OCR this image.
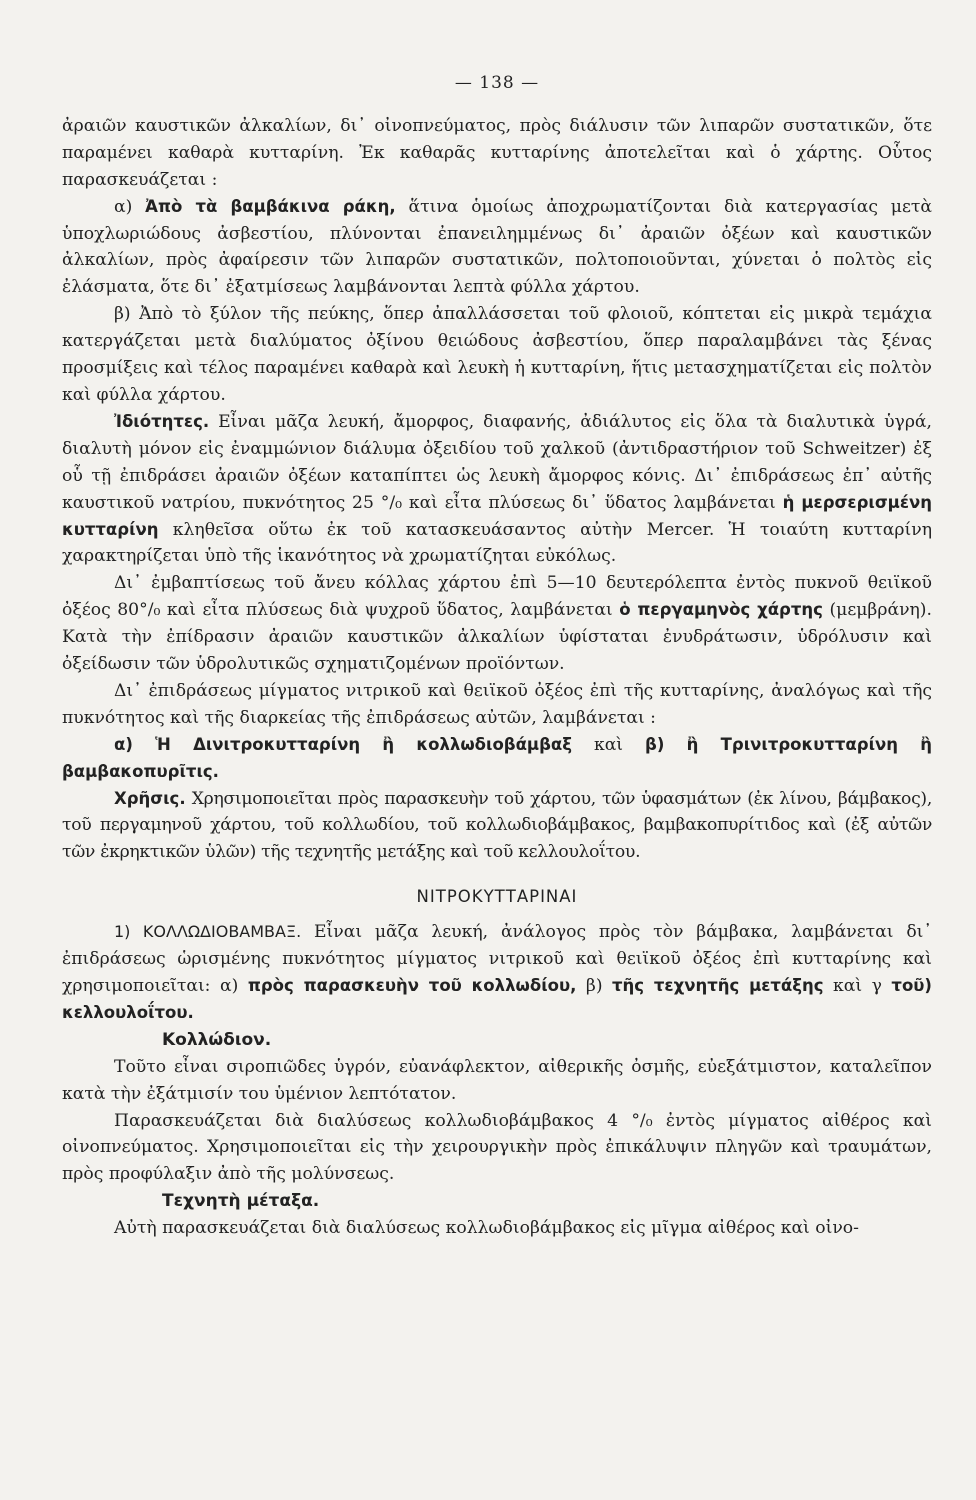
— 138 —

ἀραιῶν καυστικῶν ἀλκαλίων, δι᾽ οἰνοπνεύματος, πρὸς διάλυσιν τῶν λιπαρῶν συστατικῶν, ὅτε παραμένει καθαρὰ κυτταρίνη. Ἐκ καθαρᾶς κυτταρίνης ἀποτελεῖται καὶ ὁ χάρτης. Οὗτος παρασκευάζεται :

α) Ἀπὸ τὰ βαμβάκινα ράκη, ἅτινα ὁμοίως ἀποχρωματίζονται διὰ κατεργασίας μετὰ ὑποχλωριώδους ἀσβεστίου, πλύνονται ἐπανειλημμένως δι᾽ ἀραιῶν ὀξέων καὶ καυστικῶν ἀλκαλίων, πρὸς ἀφαίρεσιν τῶν λιπαρῶν συστατικῶν, πολτοποιοῦνται, χύνεται ὁ πολτὸς εἰς ἐλάσματα, ὅτε δι᾽ ἐξατμίσεως λαμβάνονται λεπτὰ φύλλα χάρτου.

β) Ἀπὸ τὸ ξύλον τῆς πεύκης, ὅπερ ἀπαλλάσσεται τοῦ φλοιοῦ, κόπτεται εἰς μικρὰ τεμάχια κατεργάζεται μετὰ διαλύματος ὀξίνου θειώδους ἀσβεστίου, ὅπερ παραλαμβάνει τὰς ξένας προσμίξεις καὶ τέλος παραμένει καθαρὰ καὶ λευκὴ ἡ κυτταρίνη, ἥτις μετασχηματίζεται εἰς πολτὸν καὶ φύλλα χάρτου.

Ἰδιότητες. Εἶναι μᾶζα λευκή, ἄμορφος, διαφανής, ἀδιάλυτος εἰς ὅλα τὰ διαλυτικὰ ὑγρά, διαλυτὴ μόνον εἰς ἐναμμώνιον διάλυμα ὀξειδίου τοῦ χαλκοῦ (ἀντιδραστήριον τοῦ Schweitzer) ἐξ οὗ τῇ ἐπιδράσει ἀραιῶν ὀξέων καταπίπτει ὡς λευκὴ ἄμορφος κόνις. Δι᾽ ἐπιδράσεως ἐπ᾽ αὐτῆς καυστικοῦ νατρίου, πυκνότητος 25 °/₀ καὶ εἶτα πλύσεως δι᾽ ὕδατος λαμβάνεται ἡ μερσερισμένη κυτταρίνη κληθεῖσα οὕτω ἐκ τοῦ κατασκευάσαντος αὐτὴν Mercer. Ἡ τοιαύτη κυτταρίνη χαρακτηρίζεται ὑπὸ τῆς ἱκανότητος νὰ χρωματίζηται εὐκόλως.

Δι᾽ ἐμβαπτίσεως τοῦ ἄνευ κόλλας χάρτου ἐπὶ 5—10 δευτερόλεπτα ἐντὸς πυκνοῦ θειϊκοῦ ὀξέος 80°/₀ καὶ εἶτα πλύσεως διὰ ψυχροῦ ὕδατος, λαμβάνεται ὁ περγαμηνὸς χάρτης (μεμβράνη). Κατὰ τὴν ἐπίδρασιν ἀραιῶν καυστικῶν ἀλκαλίων ὑφίσταται ἐνυδράτωσιν, ὑδρόλυσιν καὶ ὀξείδωσιν τῶν ὑδρολυτικῶς σχηματιζομένων προϊόντων.

Δι᾽ ἐπιδράσεως μίγματος νιτρικοῦ καὶ θειϊκοῦ ὀξέος ἐπὶ τῆς κυτταρίνης, ἀναλόγως καὶ τῆς πυκνότητος καὶ τῆς διαρκείας τῆς ἐπιδράσεως αὐτῶν, λαμβάνεται :

α) Ἡ Δινιτροκυτταρίνη ἢ κολλωδιοβάμβαξ καὶ β) ἢ Τρινιτροκυτταρίνη ἢ βαμβακοπυρῖτις.

Χρῆσις. Χρησιμοποιεῖται πρὸς παρασκευὴν τοῦ χάρτου, τῶν ὑφασμάτων (ἐκ λίνου, βάμβακος), τοῦ περγαμηνοῦ χάρτου, τοῦ κολλωδίου, τοῦ κολλωδιοβάμβακος, βαμβακοπυρίτιδος καὶ (ἐξ αὐτῶν τῶν ἐκρηκτικῶν ὑλῶν) τῆς τεχνητῆς μετάξης καὶ τοῦ κελλουλοΐτου.

ΝΙΤΡΟΚΥΤΤΑΡΙΝΑΙ

1) ΚΟΛΛΩΔΙΟΒΑΜΒΑΞ. Εἶναι μᾶζα λευκή, ἀνάλογος πρὸς τὸν βάμβακα, λαμβάνεται δι᾽ ἐπιδράσεως ὡρισμένης πυκνότητος μίγματος νιτρικοῦ καὶ θειϊκοῦ ὀξέος ἐπὶ κυτταρίνης καὶ χρησιμοποιεῖται: α) πρὸς παρασκευὴν τοῦ κολλωδίου, β) τῆς τεχνητῆς μετάξης καὶ γ τοῦ) κελλουλοΐτου.

Κολλώδιον.

Τοῦτο εἶναι σιροπιῶδες ὑγρόν, εὐανάφλεκτον, αἰθερικῆς ὀσμῆς, εὐεξάτμιστον, καταλεῖπον κατὰ τὴν ἐξάτμισίν του ὑμένιον λεπτότατον.

Παρασκευάζεται διὰ διαλύσεως κολλωδιοβάμβακος 4 °/₀ ἐντὸς μίγματος αἰθέρος καὶ οἰνοπνεύματος. Χρησιμοποιεῖται εἰς τὴν χειρουργικὴν πρὸς ἐπικάλυψιν πληγῶν καὶ τραυμάτων, πρὸς προφύλαξιν ἀπὸ τῆς μολύνσεως.

Τεχνητὴ μέταξα.

Αὐτὴ παρασκευάζεται διὰ διαλύσεως κολλωδιοβάμβακος εἰς μῖγμα αἰθέρος καὶ οἰνο-
